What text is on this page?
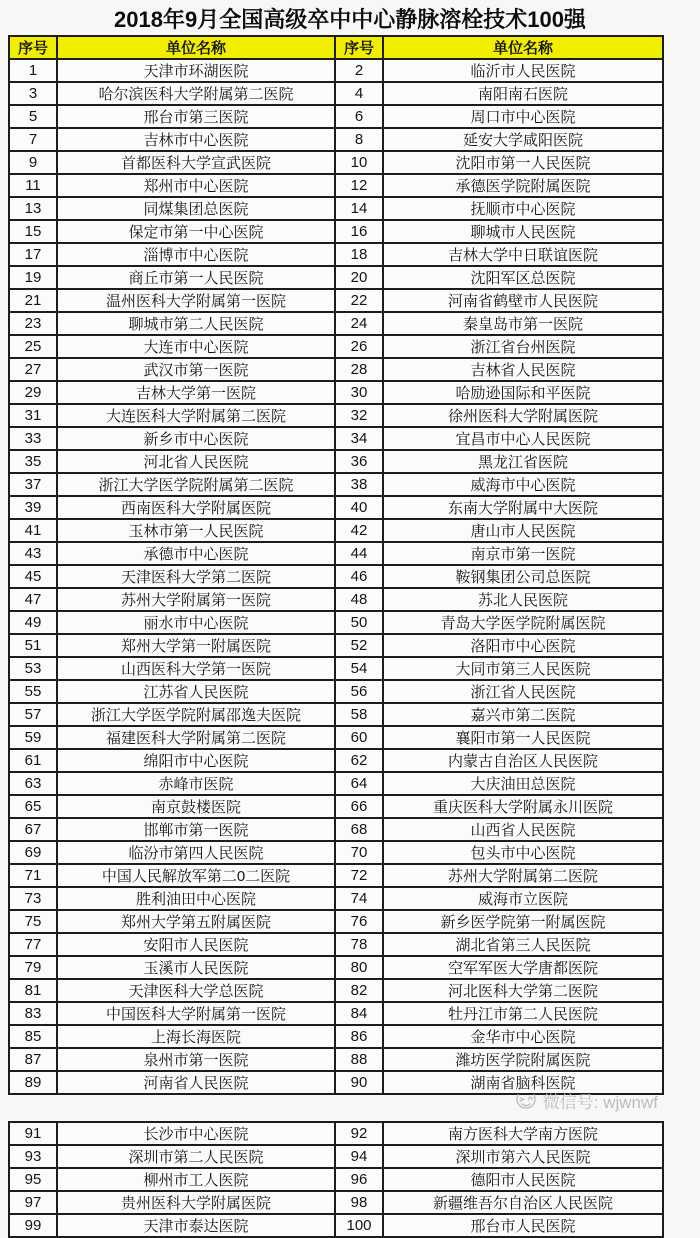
2018年9月全国高级卒中中心静脉溶栓技术100强
序号	单位名称	序号	单位名称
1	天津市环湖医院	2	临沂市人民医院
3	哈尔滨医科大学附属第二医院	4	南阳南石医院
5	邢台市第三医院	6	周口市中心医院
7	吉林市中心医院	8	延安大学咸阳医院
9	首都医科大学宣武医院	10	沈阳市第一人民医院
11	郑州市中心医院	12	承德医学院附属医院
13	同煤集团总医院	14	抚顺市中心医院
15	保定市第一中心医院	16	聊城市人民医院
17	淄博市中心医院	18	吉林大学中日联谊医院
19	商丘市第一人民医院	20	沈阳军区总医院
21	温州医科大学附属第一医院	22	河南省鹤壁市人民医院
23	聊城市第二人民医院	24	秦皇岛市第一医院
25	大连市中心医院	26	浙江省台州医院
27	武汉市第一医院	28	吉林省人民医院
29	吉林大学第一医院	30	哈励逊国际和平医院
31	大连医科大学附属第二医院	32	徐州医科大学附属医院
33	新乡市中心医院	34	宜昌市中心人民医院
35	河北省人民医院	36	黑龙江省医院
37	浙江大学医学院附属第二医院	38	威海市中心医院
39	西南医科大学附属医院	40	东南大学附属中大医院
41	玉林市第一人民医院	42	唐山市人民医院
43	承德市中心医院	44	南京市第一医院
45	天津医科大学第二医院	46	鞍钢集团公司总医院
47	苏州大学附属第一医院	48	苏北人民医院
49	丽水市中心医院	50	青岛大学医学院附属医院
51	郑州大学第一附属医院	52	洛阳市中心医院
53	山西医科大学第一医院	54	大同市第三人民医院
55	江苏省人民医院	56	浙江省人民医院
57	浙江大学医学院附属邵逸夫医院	58	嘉兴市第二医院
59	福建医科大学附属第二医院	60	襄阳市第一人民医院
61	绵阳市中心医院	62	内蒙古自治区人民医院
63	赤峰市医院	64	大庆油田总医院
65	南京鼓楼医院	66	重庆医科大学附属永川医院
67	邯郸市第一医院	68	山西省人民医院
69	临汾市第四人民医院	70	包头市中心医院
71	中国人民解放军第二0二医院	72	苏州大学附属第二医院
73	胜利油田中心医院	74	威海市立医院
75	郑州大学第五附属医院	76	新乡医学院第一附属医院
77	安阳市人民医院	78	湖北省第三人民医院
79	玉溪市人民医院	80	空军军医大学唐都医院
81	天津医科大学总医院	82	河北医科大学第二医院
83	中国医科大学附属第一医院	84	牡丹江市第二人民医院
85	上海长海医院	86	金华市中心医院
87	泉州市第一医院	88	潍坊医学院附属医院
89	河南省人民医院	90	湖南省脑科医院
91	长沙市中心医院	92	南方医科大学南方医院
93	深圳市第二人民医院	94	深圳市第六人民医院
95	柳州市工人医院	96	德阳市人民医院
97	贵州医科大学附属医院	98	新疆维吾尔自治区人民医院
99	天津市泰达医院	100	邢台市人民医院
微信号: wjwnwf
